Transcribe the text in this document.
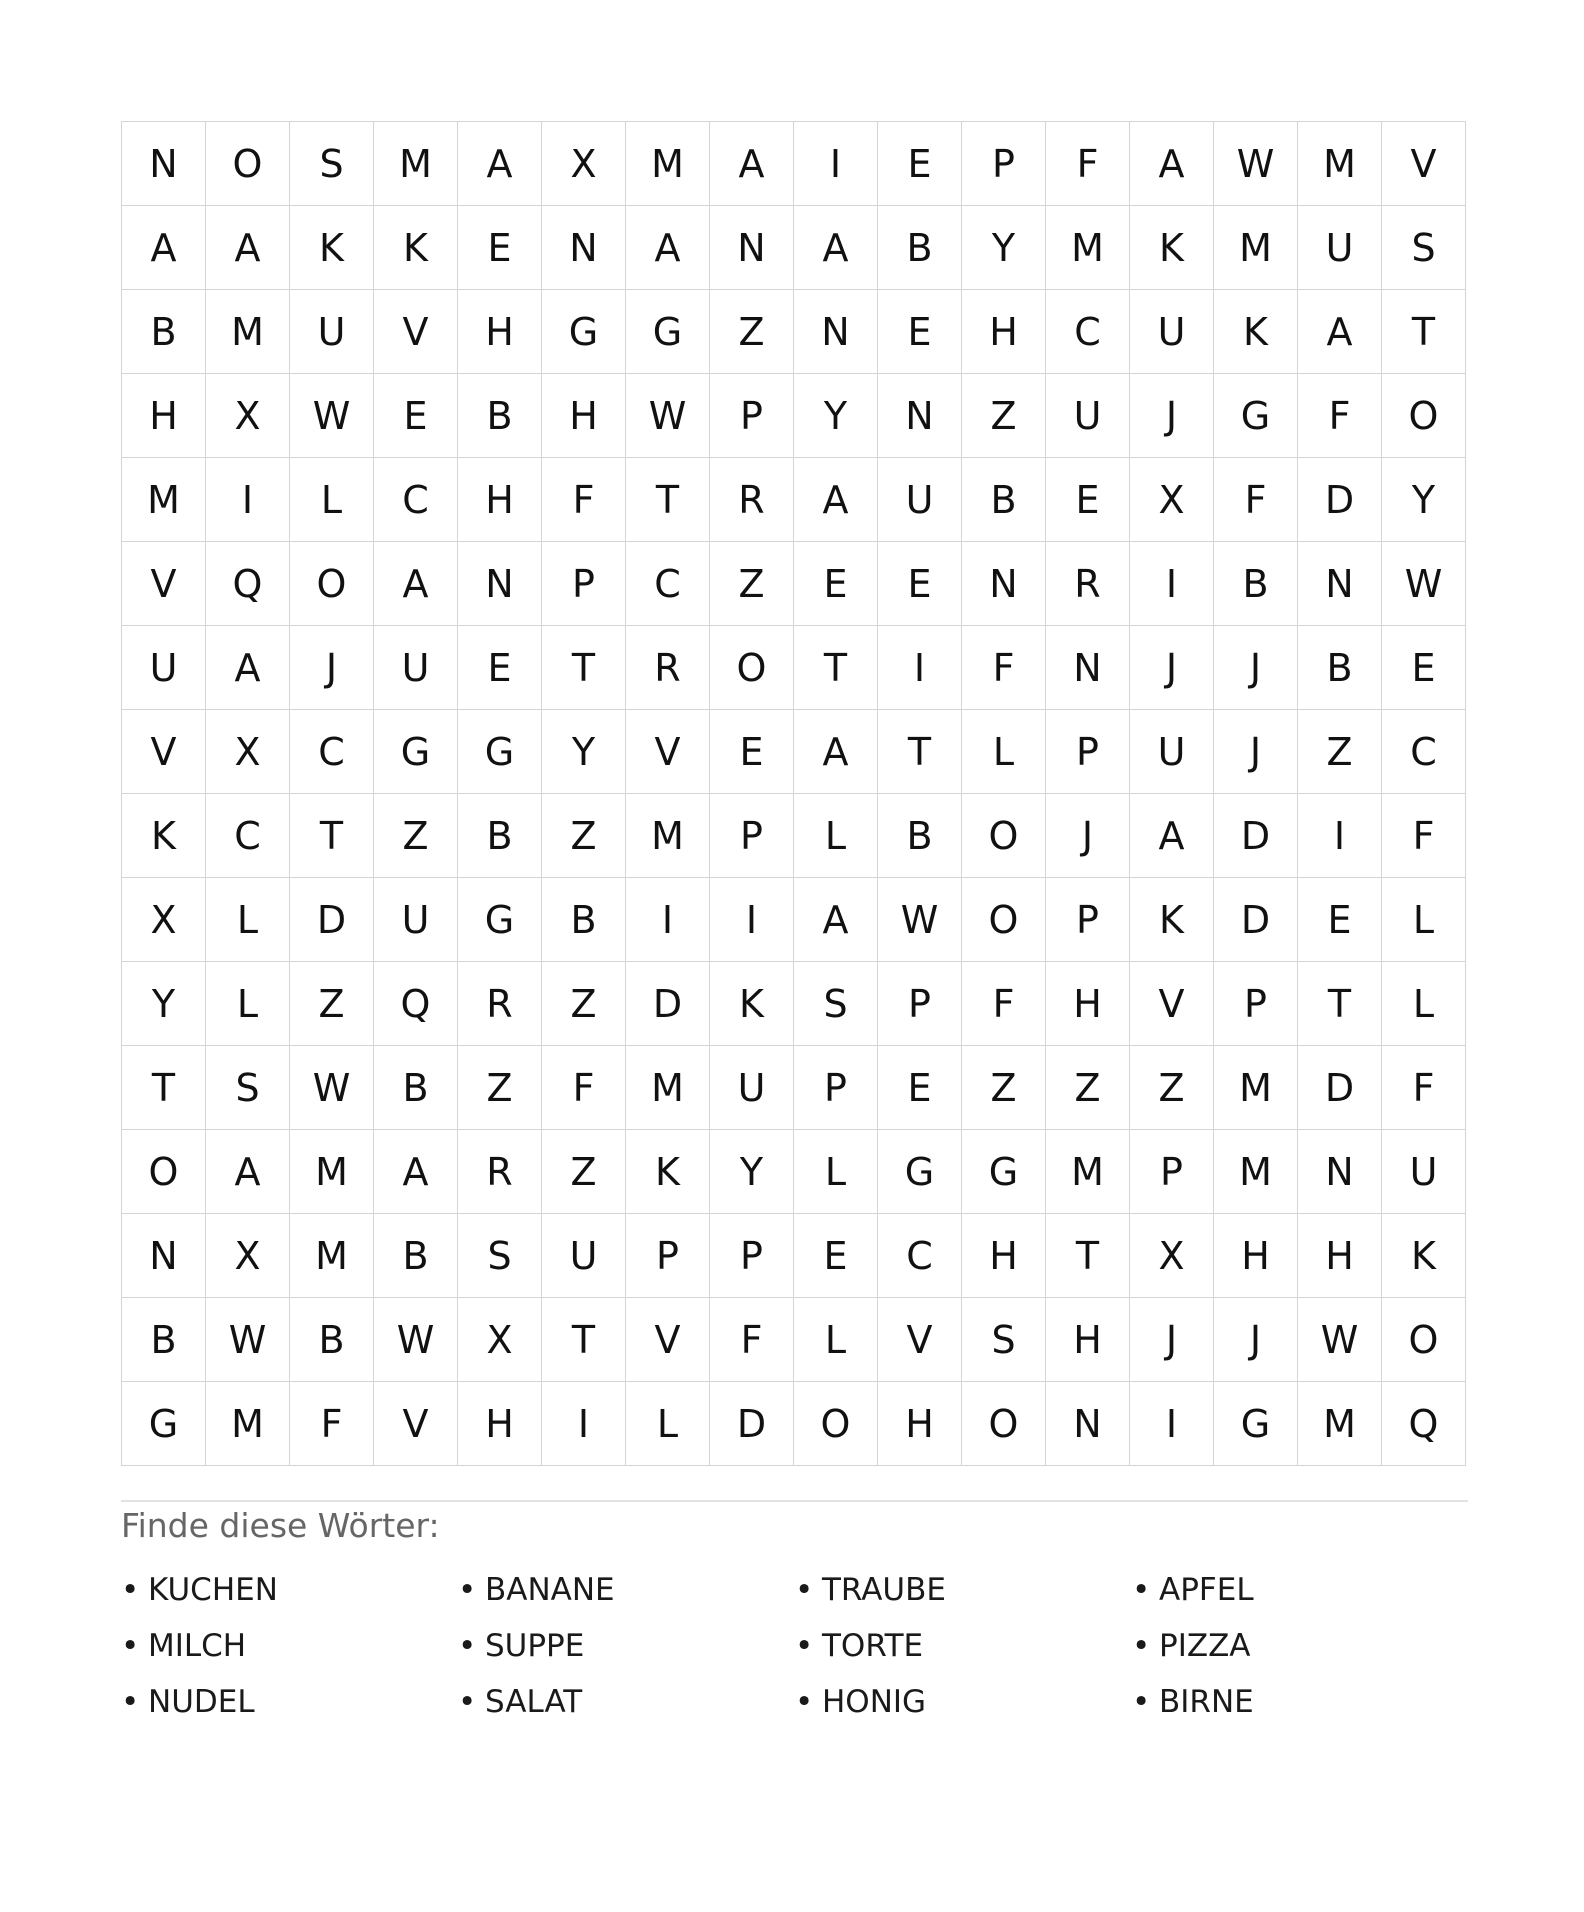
N	O	S	M	A	X	M	A	I	E	P	F	A	W	M	V
A	A	K	K	E	N	A	N	A	B	Y	M	K	M	U	S
B	M	U	V	H	G	G	Z	N	E	H	C	U	K	A	T
H	X	W	E	B	H	W	P	Y	N	Z	U	J	G	F	O
M	I	L	C	H	F	T	R	A	U	B	E	X	F	D	Y
V	Q	O	A	N	P	C	Z	E	E	N	R	I	B	N	W
U	A	J	U	E	T	R	O	T	I	F	N	J	J	B	E
V	X	C	G	G	Y	V	E	A	T	L	P	U	J	Z	C
K	C	T	Z	B	Z	M	P	L	B	O	J	A	D	I	F
X	L	D	U	G	B	I	I	A	W	O	P	K	D	E	L
Y	L	Z	Q	R	Z	D	K	S	P	F	H	V	P	T	L
T	S	W	B	Z	F	M	U	P	E	Z	Z	Z	M	D	F
O	A	M	A	R	Z	K	Y	L	G	G	M	P	M	N	U
N	X	M	B	S	U	P	P	E	C	H	T	X	H	H	K
B	W	B	W	X	T	V	F	L	V	S	H	J	J	W	O
G	M	F	V	H	I	L	D	O	H	O	N	I	G	M	Q
Finde diese Wörter:
• KUCHEN	• BANANE	• TRAUBE	• APFEL
• MILCH	• SUPPE	• TORTE	• PIZZA
• NUDEL	• SALAT	• HONIG	• BIRNE
